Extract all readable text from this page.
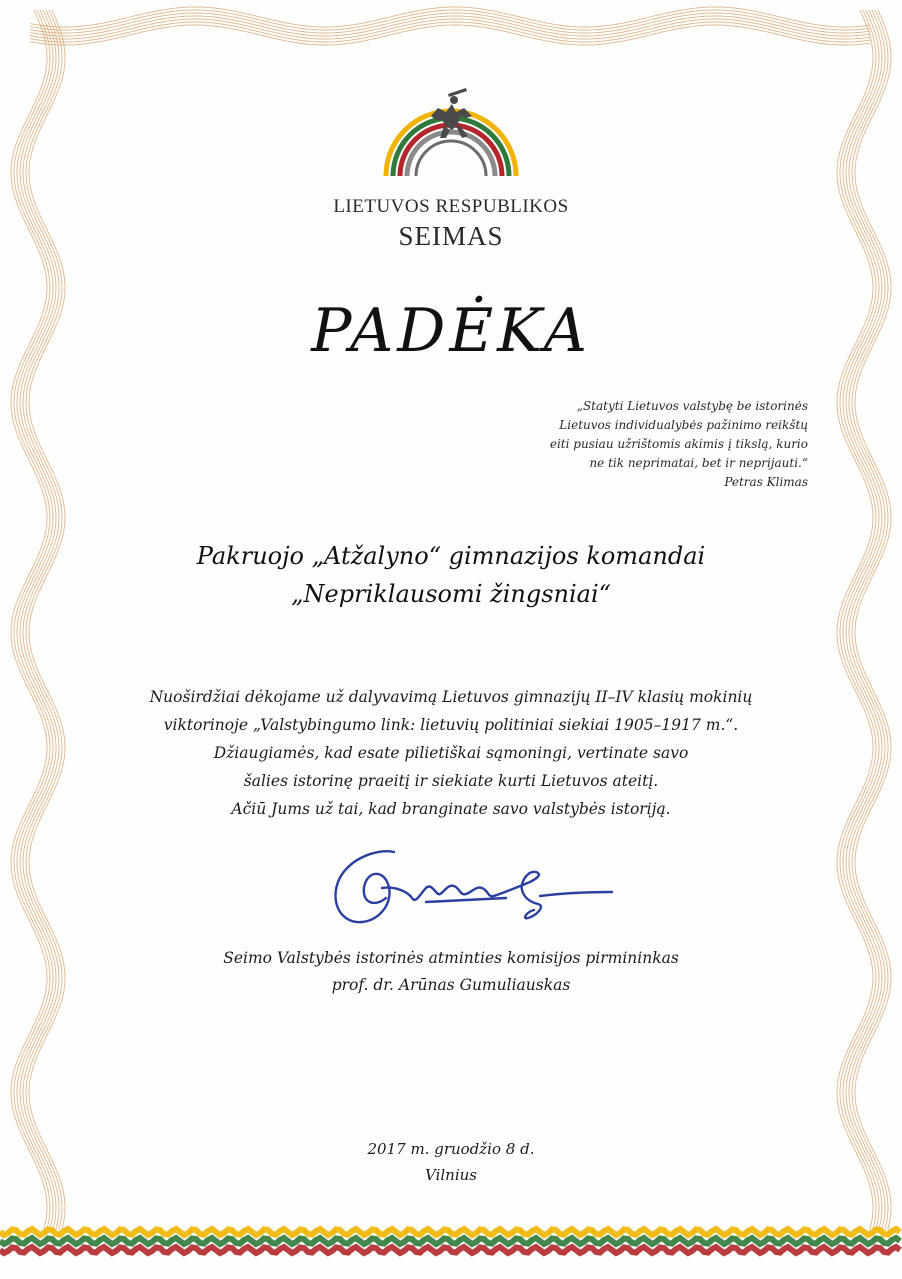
LIETUVOS RESPUBLIKOS
SEIMAS
PADĖKA
„Statyti Lietuvos valstybę be istorinės
Lietuvos individualybės pažinimo reikštų
eiti pusiau užrištomis akimis į tikslą, kurio
ne tik neprimatai, bet ir neprijauti.“
Petras Klimas
Pakruojo „Atžalyno“ gimnazijos komandai
„Nepriklausomi žingsniai“
Nuoširdžiai dėkojame už dalyvavimą Lietuvos gimnazijų II–IV klasių mokinių
viktorinoje „Valstybingumo link: lietuvių politiniai siekiai 1905–1917 m.“.
Džiaugiamės, kad esate pilietiškai sąmoningi, vertinate savo
šalies istorinę praeitį ir siekiate kurti Lietuvos ateitį.
Ačiū Jums už tai, kad branginate savo valstybės istoriją.
Seimo Valstybės istorinės atminties komisijos pirmininkas
prof. dr. Arūnas Gumuliauskas
2017 m. gruodžio 8 d.
Vilnius
